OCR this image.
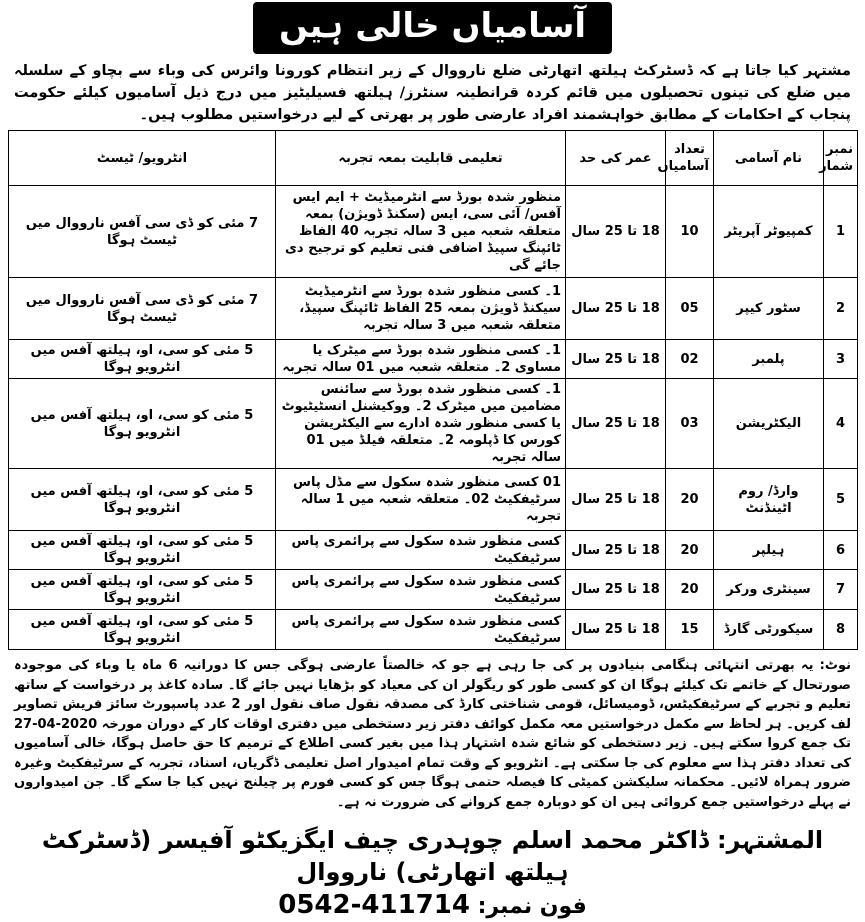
آسامیاں خالی ہیں
مشتہر کیا جاتا ہے کہ ڈسٹرکٹ ہیلتھ اتھارٹی ضلع نارووال کے زیر انتظام کورونا وائرس کی وباء سے بچاو کے سلسلہ میں ضلع کی تینوں تحصیلوں میں قائم کردہ قرانطینہ سنٹرز/ ہیلتھ فسیلیٹیز میں درج ذیل آسامیوں کیلئے حکومت پنجاب کے احکامات کے مطابق خواہشمند افراد عارضی طور پر بھرتی کے لیے درخواستیں مطلوب ہیں۔
نمبر شمار	نام آسامی	تعداد آسامیاں	عمر کی حد	تعلیمی قابلیت بمعہ تجربہ	انٹرویو/ ٹیسٹ
1	کمپیوٹر آپریٹر	10	18 تا 25 سال	منظور شدہ بورڈ سے انٹرمیڈیٹ + ایم ایس آفس/ آئی سی، ایس (سکنڈ ڈویژن) بمعہ متعلقہ شعبہ میں 3 سالہ تجربہ 40 الفاظ ٹائپنگ سپیڈ اضافی فنی تعلیم کو ترجیح دی جائے گی	7 مئی کو ڈی سی آفس نارووال میں ٹیسٹ ہوگا
2	سٹور کیپر	05	18 تا 25 سال	1۔ کسی منظور شدہ بورڈ سے انٹرمیڈیٹ سیکنڈ ڈویژن بمعہ 25 الفاظ ٹائپنگ سپیڈ، متعلقہ شعبہ میں 3 سالہ تجربہ	7 مئی کو ڈی سی آفس نارووال میں ٹیسٹ ہوگا
3	پلمبر	02	18 تا 25 سال	1۔ کسی منظور شدہ بورڈ سے میٹرک یا مساوی 2۔ متعلقہ شعبہ میں 01 سالہ تجربہ	5 مئی کو سی، او، ہیلتھ آفس میں انٹرویو ہوگا
4	الیکٹریشن	03	18 تا 25 سال	1۔ کسی منظور شدہ بورڈ سے سائنس مضامین میں میٹرک 2۔ ووکیشنل انسٹیٹیوٹ یا کسی منظور شدہ ادارے سے الیکٹریشن کورس کا ڈپلومہ 2۔ متعلقہ فیلڈ میں 01 سالہ تجربہ	5 مئی کو سی، او، ہیلتھ آفس میں انٹرویو ہوگا
5	وارڈ/ روم اٹینڈنٹ	20	18 تا 25 سال	01 کسی منظور شدہ سکول سے مڈل پاس سرٹیفکیٹ 02۔ متعلقہ شعبہ میں 1 سالہ تجربہ	5 مئی کو سی، او، ہیلتھ آفس میں انٹرویو ہوگا
6	ہیلپر	20	18 تا 25 سال	کسی منظور شدہ سکول سے پرائمری پاس سرٹیفکیٹ	5 مئی کو سی، او، ہیلتھ آفس میں انٹرویو ہوگا
7	سینٹری ورکر	20	18 تا 25 سال	کسی منظور شدہ سکول سے پرائمری پاس سرٹیفکیٹ	5 مئی کو سی، او، ہیلتھ آفس میں انٹرویو ہوگا
8	سیکورٹی گارڈ	15	18 تا 25 سال	کسی منظور شدہ سکول سے پرائمری پاس سرٹیفکیٹ	5 مئی کو سی، او، ہیلتھ آفس میں انٹرویو ہوگا
نوٹ: یہ بھرتی انتہائی ہنگامی بنیادوں پر کی جا رہی ہے جو کہ خالصتاً عارضی ہوگی جس کا دورانیہ 6 ماہ یا وباء کی موجودہ صورتحال کے خاتمے تک کیلئے ہوگا ان کو کسی طور کو ریگولر ان کی معیاد کو بڑھایا نہیں جائے گا۔ سادہ کاغذ پر درخواست کے ساتھ تعلیم و تجربے کے سرٹیفکیٹس، ڈومیسائل، قومی شناختی کارڈ کی مصدقہ نقول صاف نقول اور 2 عدد پاسپورٹ سائز فریش تصاویر لف کریں۔ ہر لحاظ سے مکمل درخواستیں معہ مکمل کوائف دفتر زیر دستخطی میں دفتری اوقات کار کے دوران مورخہ 2020-04-27 تک جمع کروا سکتے ہیں۔ زیر دستخطی کو شائع شدہ اشتہار ہذا میں بغیر کسی اطلاع کے ترمیم کا حق حاصل ہوگا، خالی آسامیوں کی تعداد دفتر ہذا سے معلوم کی جا سکتی ہے۔ انٹرویو کے وقت تمام امیدوار اصل تعلیمی ڈگریاں، اسناد، تجربہ کے سرٹیفکیٹ وغیرہ ضرور ہمراہ لائیں۔ محکمانہ سلیکشن کمیٹی کا فیصلہ حتمی ہوگا جس کو کسی فورم پر چیلنج نہیں کیا جا سکے گا۔ جن امیدواروں نے پہلے درخواستیں جمع کروائی ہیں ان کو دوبارہ جمع کروانے کی ضرورت نہ ہے۔
المشتہر: ڈاکٹر محمد اسلم چوہدری چیف ایگزیکٹو آفیسر (ڈسٹرکٹ ہیلتھ اتھارٹی) نارووال
فون نمبر: 0542-411714
